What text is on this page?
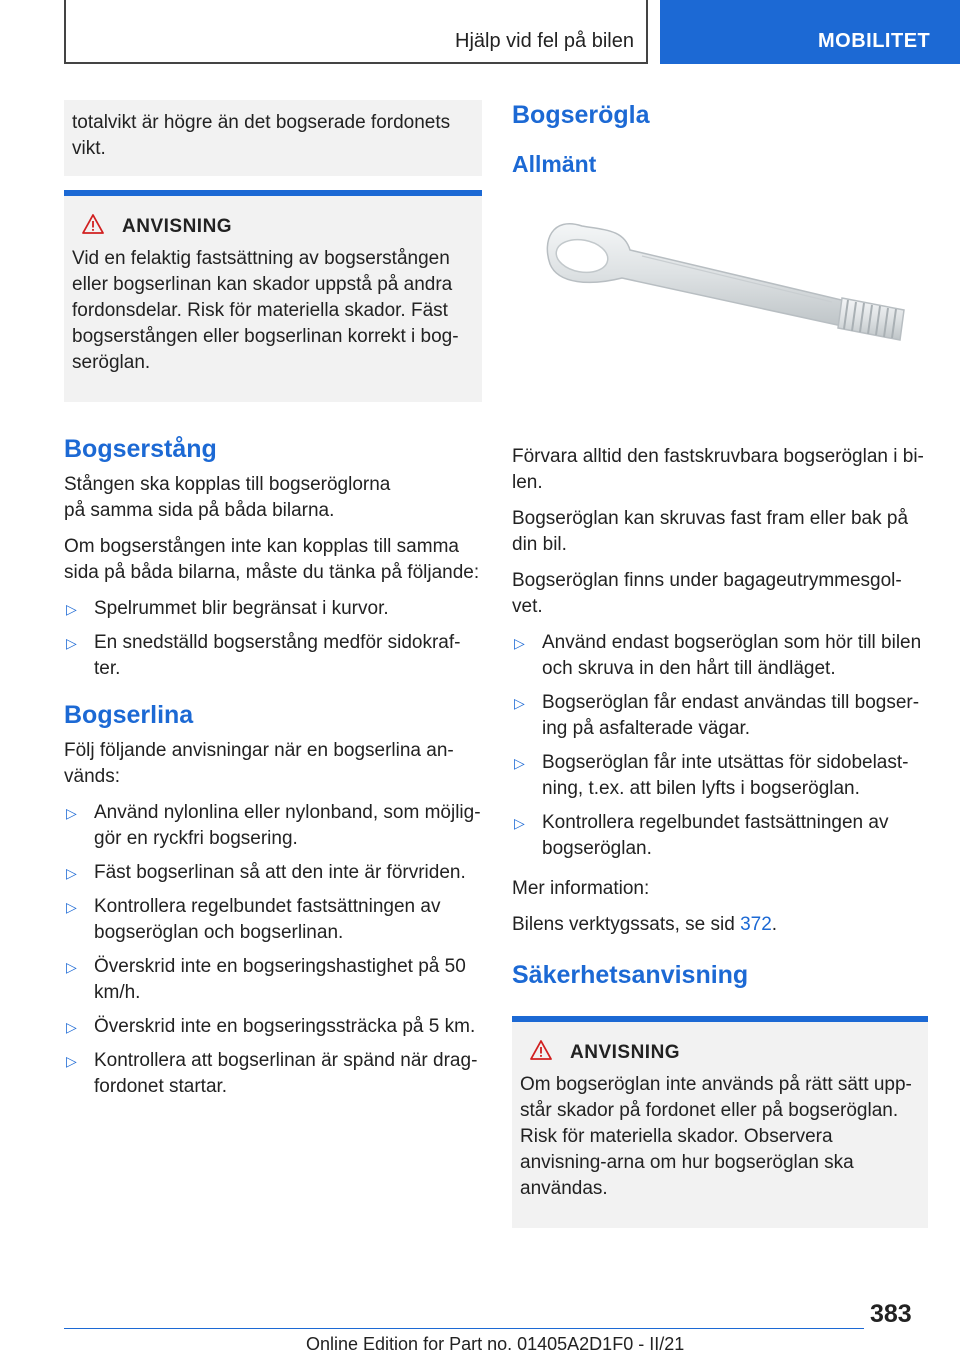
Hjälp vid fel på bilen	MOBILITET

totalvikt är högre än det bogserade fordonets vikt.

ANVISNING

Vid en felaktig fastsättning av bogserstången eller bogserlinan kan skador uppstå på andra fordonsdelar. Risk för materiella skador. Fäst bogserstången eller bogserlinan korrekt i bog-seröglan.

Bogserstång

Stången ska kopplas till bogseröglorna på samma sida på båda bilarna.

Om bogserstången inte kan kopplas till samma sida på båda bilarna, måste du tänka på följande:

▷ Spelrummet blir begränsat i kurvor.
▷ En snedställd bogserstång medför sidokraf-ter.
Bogserlina

Följ följande anvisningar när en bogserlina an-vänds:

▷ Använd nylonlina eller nylonband, som möjlig-gör en ryckfri bogsering.
▷ Fäst bogserlinan så att den inte är förvriden.
▷ Kontrollera regelbundet fastsättningen av bogseröglan och bogserlinan.
▷ Överskrid inte en bogseringshastighet på 50 km/h.
▷ Överskrid inte en bogseringssträcka på 5 km.
▷ Kontrollera att bogserlinan är spänd när drag-fordonet startar.
Bogserögla
Allmänt

Förvara alltid den fastskruvbara bogseröglan i bi-len.

Bogseröglan kan skruvas fast fram eller bak på din bil.

Bogseröglan finns under bagageutrymmesgol-vet.

▷ Använd endast bogseröglan som hör till bilen och skruva in den hårt till ändläget.
▷ Bogseröglan får endast användas till bogser-ing på asfalterade vägar.
▷ Bogseröglan får inte utsättas för sidobelast-ning, t.ex. att bilen lyfts i bogseröglan.
▷ Kontrollera regelbundet fastsättningen av bogseröglan.

Mer information:

Bilens verktygssats, se sid 372.

Säkerhetsanvisning
ANVISNING

Om bogseröglan inte används på rätt sätt upp-står skador på fordonet eller på bogseröglan. Risk för materiella skador. Observera anvisning-arna om hur bogseröglan ska användas.

383
Online Edition for Part no. 01405A2D1F0 - II/21
